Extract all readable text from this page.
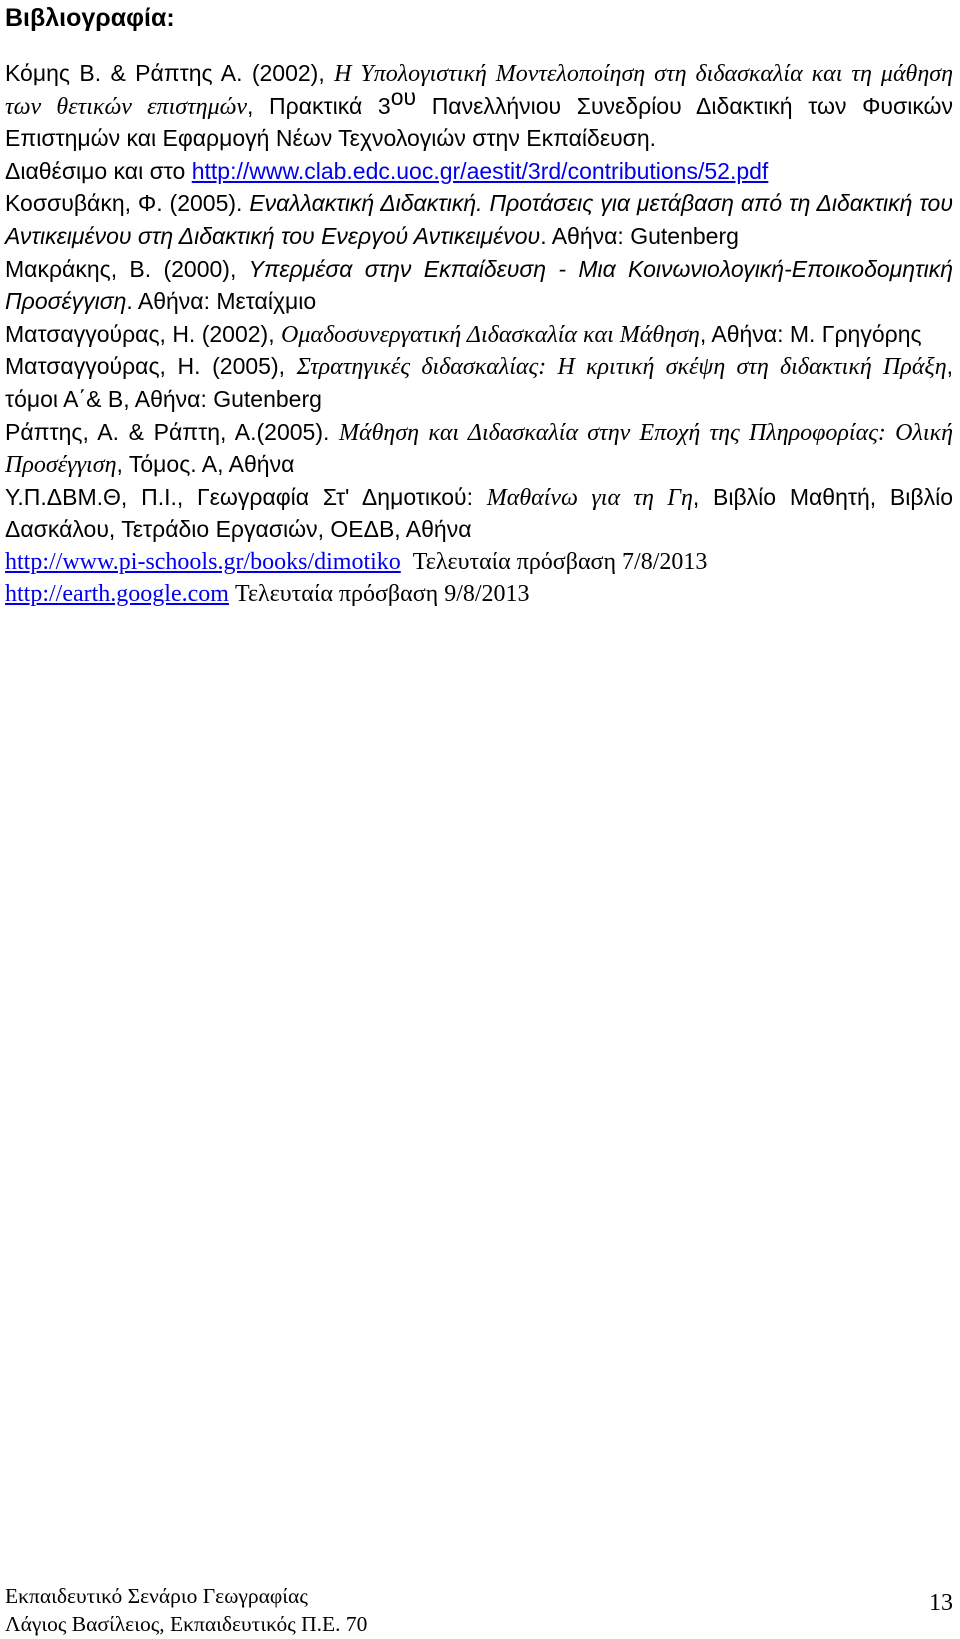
Βιβλιογραφία:

Κόμης Β. & Ράπτης Α. (2002), Η Υπολογιστική Μοντελοποίηση στη διδασκαλία και τη μάθηση των θετικών επιστημών, Πρακτικά $3^{o\upsilon}$ Πανελλήνιου Συνεδρίου Διδακτική των Φυσικών Επιστημών και Εφαρμογή Νέων Τεχνολογιών στην Εκπαίδευση.
Διαθέσιμο και στο http://www.clab.edc.uoc.gr/aestit/3rd/contributions/52.pdf

Κοσσυβάκη, Φ. (2005). Εναλλακτική Διδακτική. Προτάσεις για μετάβαση από τη Διδακτική του Αντικειμένου στη Διδακτική του Ενεργού Αντικειμένου. Αθήνα: Gutenberg

Μακράκης, Β. (2000), Υπερμέσα στην Εκπαίδευση - Μια Κοινωνιολογική-Εποικοδομητική Προσέγγιση. Αθήνα: Μεταίχμιο

Ματσαγγούρας, Η. (2002), Ομαδοσυνεργατική Διδασκαλία και Μάθηση, Αθήνα: Μ. Γρηγόρης

Ματσαγγούρας, Η. (2005), Στρατηγικές διδασκαλίας: Η κριτική σκέψη στη διδακτική Πράξη, τόμοι Α΄& Β, Αθήνα: Gutenberg

Ράπτης, Α. & Ράπτη, Α.(2005). Μάθηση και Διδασκαλία στην Εποχή της Πληροφορίας: Ολική Προσέγγιση, Τόμος. Α, Αθήνα

Υ.Π.ΔΒΜ.Θ, Π.Ι., Γεωγραφία Στ' Δημοτικού: Μαθαίνω για τη Γη, Βιβλίο Μαθητή, Βιβλίο Δασκάλου, Τετράδιο Εργασιών, ΟΕΔΒ, Αθήνα

http://www.pi-schools.gr/books/dimotiko  Τελευταία πρόσβαση 7/8/2013

http://earth.google.com Τελευταία πρόσβαση 9/8/2013

Εκπαιδευτικό Σενάριο Γεωγραφίας
Λάγιος Βασίλειος, Εκπαιδευτικός Π.Ε. 70
13
